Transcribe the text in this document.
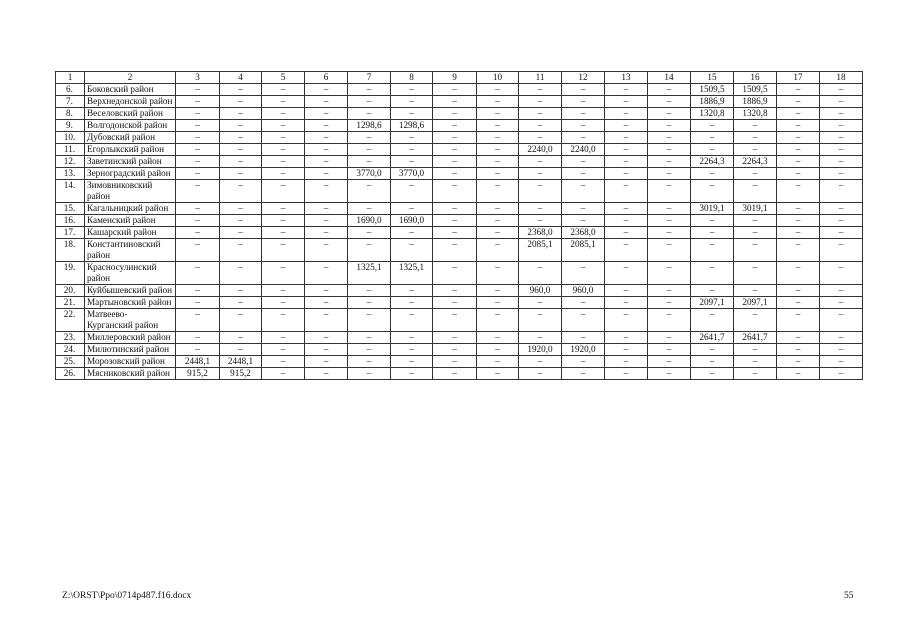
1	2	3	4	5	6	7	8	9	10	11	12	13	14	15	16	17	18
6.	Боковский район	–	–	–	–	–	–	–	–	–	–	–	–	1509,5	1509,5	–	–
7.	Верхнедонской район	–	–	–	–	–	–	–	–	–	–	–	–	1886,9	1886,9	–	–
8.	Веселовский район	–	–	–	–	–	–	–	–	–	–	–	–	1320,8	1320,8	–	–
9.	Волгодонской район	–	–	–	–	1298,6	1298,6	–	–	–	–	–	–	–	–	–	–
10.	Дубовский район	–	–	–	–	–	–	–	–	–	–	–	–	–	–	–	–
11.	Егорлыкский район	–	–	–	–	–	–	–	–	2240,0	2240,0	–	–	–	–	–	–
12.	Заветинский район	–	–	–	–	–	–	–	–	–	–	–	–	2264,3	2264,3	–	–
13.	Зерноградский район	–	–	–	–	3770,0	3770,0	–	–	–	–	–	–	–	–	–	–
14.	Зимовниковский район	–	–	–	–	–	–	–	–	–	–	–	–	–	–	–	–
15.	Кагальницкий район	–	–	–	–	–	–	–	–	–	–	–	–	3019,1	3019,1	–	–
16.	Каменский район	–	–	–	–	1690,0	1690,0	–	–	–	–	–	–	–	–	–	–
17.	Кашарский район	–	–	–	–	–	–	–	–	2368,0	2368,0	–	–	–	–	–	–
18.	Константиновский район	–	–	–	–	–	–	–	–	2085,1	2085,1	–	–	–	–	–	–
19.	Красносулинский район	–	–	–	–	1325,1	1325,1	–	–	–	–	–	–	–	–	–	–
20.	Куйбышевский район	–	–	–	–	–	–	–	–	960,0	960,0	–	–	–	–	–	–
21.	Мартыновский район	–	–	–	–	–	–	–	–	–	–	–	–	2097,1	2097,1	–	–
22.	Матвеево-Курганский район	–	–	–	–	–	–	–	–	–	–	–	–	–	–	–	–
23.	Миллеровский район	–	–	–	–	–	–	–	–	–	–	–	–	2641,7	2641,7	–	–
24.	Милютинский район	–	–	–	–	–	–	–	–	1920,0	1920,0	–	–	–	–	–	–
25.	Морозовский район	2448,1	2448,1	–	–	–	–	–	–	–	–	–	–	–	–	–	–
26.	Мясниковский район	915,2	915,2	–	–	–	–	–	–	–	–	–	–	–	–	–	–
Z:\ORST\Ppo\0714p487.f16.docx	55
